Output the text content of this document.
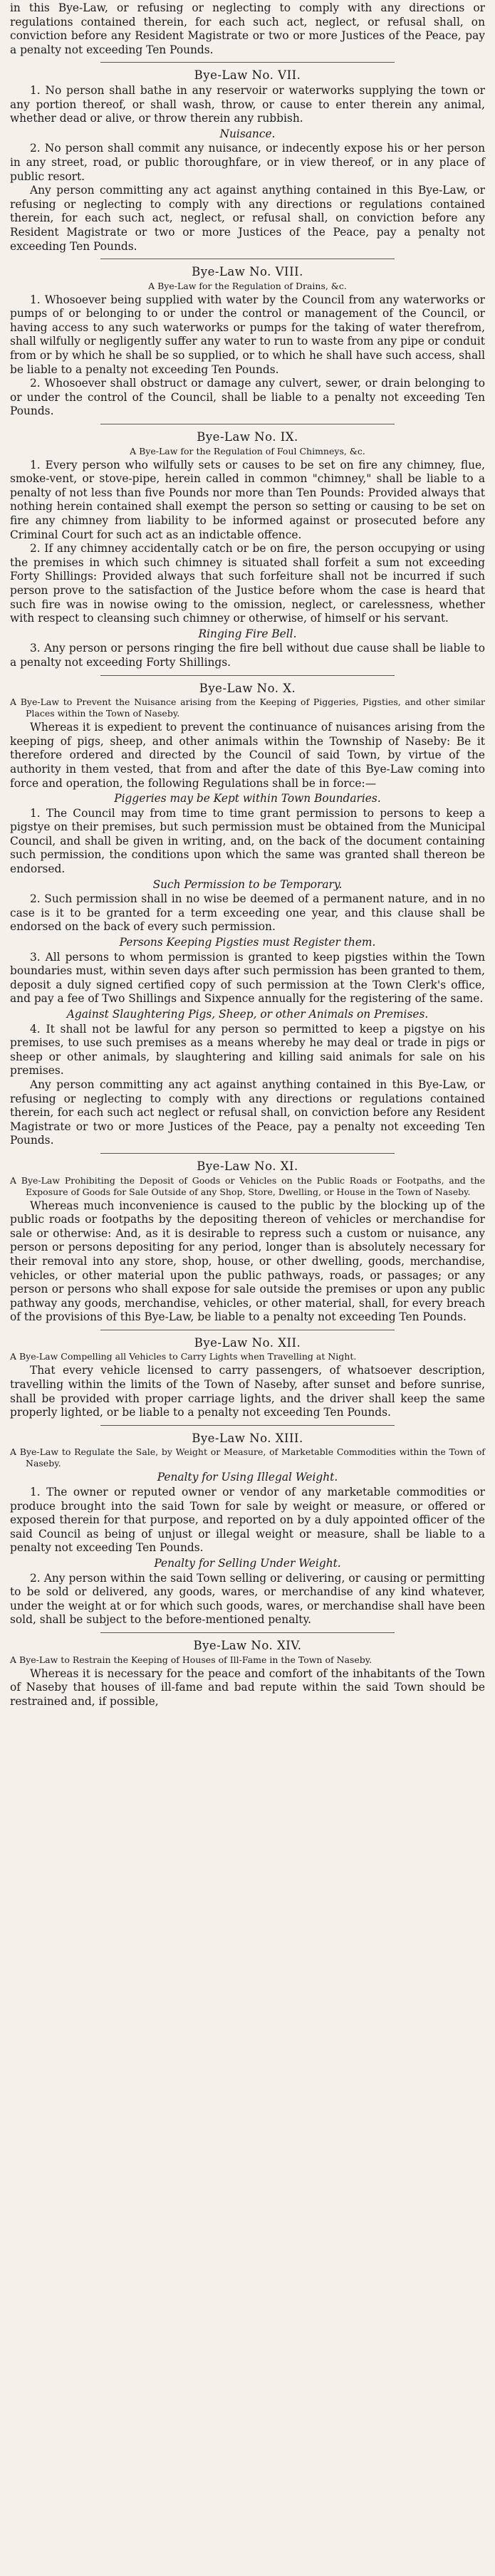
in this Bye-Law, or refusing or neglecting to comply with any directions or regulations contained therein, for each such act, neglect, or refusal shall, on conviction before any Resident Magistrate or two or more Justices of the Peace, pay a penalty not exceeding Ten Pounds.

Bye-Law No. VII.

1. No person shall bathe in any reservoir or waterworks supplying the town or any portion thereof, or shall wash, throw, or cause to enter therein any animal, whether dead or alive, or throw therein any rubbish.

Nuisance.

2. No person shall commit any nuisance, or indecently expose his or her person in any street, road, or public thoroughfare, or in view thereof, or in any place of public resort.

Any person committing any act against anything contained in this Bye-Law, or refusing or neglecting to comply with any directions or regulations contained therein, for each such act, neglect, or refusal shall, on conviction before any Resident Magistrate or two or more Justices of the Peace, pay a penalty not exceeding Ten Pounds.

Bye-Law No. VIII.
A Bye-Law for the Regulation of Drains, &c.

1. Whosoever being supplied with water by the Council from any waterworks or pumps of or belonging to or under the control or management of the Council, or having access to any such waterworks or pumps for the taking of water therefrom, shall wilfully or negligently suffer any water to run to waste from any pipe or conduit from or by which he shall be so supplied, or to which he shall have such access, shall be liable to a penalty not exceeding Ten Pounds.

2. Whosoever shall obstruct or damage any culvert, sewer, or drain belonging to or under the control of the Council, shall be liable to a penalty not exceeding Ten Pounds.

Bye-Law No. IX.
A Bye-Law for the Regulation of Foul Chimneys, &c.

1. Every person who wilfully sets or causes to be set on fire any chimney, flue, smoke-vent, or stove-pipe, herein called in common "chimney," shall be liable to a penalty of not less than five Pounds nor more than Ten Pounds: Provided always that nothing herein contained shall exempt the person so setting or causing to be set on fire any chimney from liability to be informed against or prosecuted before any Criminal Court for such act as an indictable offence.

2. If any chimney accidentally catch or be on fire, the person occupying or using the premises in which such chimney is situated shall forfeit a sum not exceeding Forty Shillings: Provided always that such forfeiture shall not be incurred if such person prove to the satisfaction of the Justice before whom the case is heard that such fire was in nowise owing to the omission, neglect, or carelessness, whether with respect to cleansing such chimney or otherwise, of himself or his servant.

Ringing Fire Bell.

3. Any person or persons ringing the fire bell without due cause shall be liable to a penalty not exceeding Forty Shillings.

Bye-Law No. X.
A Bye-Law to Prevent the Nuisance arising from the Keeping of Piggeries, Pigsties, and other similar Places within the Town of Naseby.

Whereas it is expedient to prevent the continuance of nuisances arising from the keeping of pigs, sheep, and other animals within the Township of Naseby: Be it therefore ordered and directed by the Council of said Town, by virtue of the authority in them vested, that from and after the date of this Bye-Law coming into force and operation, the following Regulations shall be in force:—

Piggeries may be Kept within Town Boundaries.

1. The Council may from time to time grant permission to persons to keep a pigstye on their premises, but such permission must be obtained from the Municipal Council, and shall be given in writing, and, on the back of the document containing such permission, the conditions upon which the same was granted shall thereon be endorsed.

Such Permission to be Temporary.

2. Such permission shall in no wise be deemed of a permanent nature, and in no case is it to be granted for a term exceeding one year, and this clause shall be endorsed on the back of every such permission.

Persons Keeping Pigsties must Register them.

3. All persons to whom permission is granted to keep pigsties within the Town boundaries must, within seven days after such permission has been granted to them, deposit a duly signed certified copy of such permission at the Town Clerk's office, and pay a fee of Two Shillings and Sixpence annually for the registering of the same.

Against Slaughtering Pigs, Sheep, or other Animals on Premises.

4. It shall not be lawful for any person so permitted to keep a pigstye on his premises, to use such premises as a means whereby he may deal or trade in pigs or sheep or other animals, by slaughtering and killing said animals for sale on his premises.

Any person committing any act against anything contained in this Bye-Law, or refusing or neglecting to comply with any directions or regulations contained therein, for each such act neglect or refusal shall, on conviction before any Resident Magistrate or two or more Justices of the Peace, pay a penalty not exceeding Ten Pounds.

Bye-Law No. XI.
A Bye-Law Prohibiting the Deposit of Goods or Vehicles on the Public Roads or Footpaths, and the Exposure of Goods for Sale Outside of any Shop, Store, Dwelling, or House in the Town of Naseby.

Whereas much inconvenience is caused to the public by the blocking up of the public roads or footpaths by the depositing thereon of vehicles or merchandise for sale or otherwise: And, as it is desirable to repress such a custom or nuisance, any person or persons depositing for any period, longer than is absolutely necessary for their removal into any store, shop, house, or other dwelling, goods, merchandise, vehicles, or other material upon the public pathways, roads, or passages; or any person or persons who shall expose for sale outside the premises or upon any public pathway any goods, merchandise, vehicles, or other material, shall, for every breach of the provisions of this Bye-Law, be liable to a penalty not exceeding Ten Pounds.

Bye-Law No. XII.
A Bye-Law Compelling all Vehicles to Carry Lights when Travelling at Night.

That every vehicle licensed to carry passengers, of whatsoever description, travelling within the limits of the Town of Naseby, after sunset and before sunrise, shall be provided with proper carriage lights, and the driver shall keep the same properly lighted, or be liable to a penalty not exceeding Ten Pounds.

Bye-Law No. XIII.
A Bye-Law to Regulate the Sale, by Weight or Measure, of Marketable Commodities within the Town of Naseby.
Penalty for Using Illegal Weight.

1. The owner or reputed owner or vendor of any marketable commodities or produce brought into the said Town for sale by weight or measure, or offered or exposed therein for that purpose, and reported on by a duly appointed officer of the said Council as being of unjust or illegal weight or measure, shall be liable to a penalty not exceeding Ten Pounds.

Penalty for Selling Under Weight.

2. Any person within the said Town selling or delivering, or causing or permitting to be sold or delivered, any goods, wares, or merchandise of any kind whatever, under the weight at or for which such goods, wares, or merchandise shall have been sold, shall be subject to the before-mentioned penalty.

Bye-Law No. XIV.
A Bye-Law to Restrain the Keeping of Houses of Ill-Fame in the Town of Naseby.

Whereas it is necessary for the peace and comfort of the inhabitants of the Town of Naseby that houses of ill-fame and bad repute within the said Town should be restrained and, if possible,
